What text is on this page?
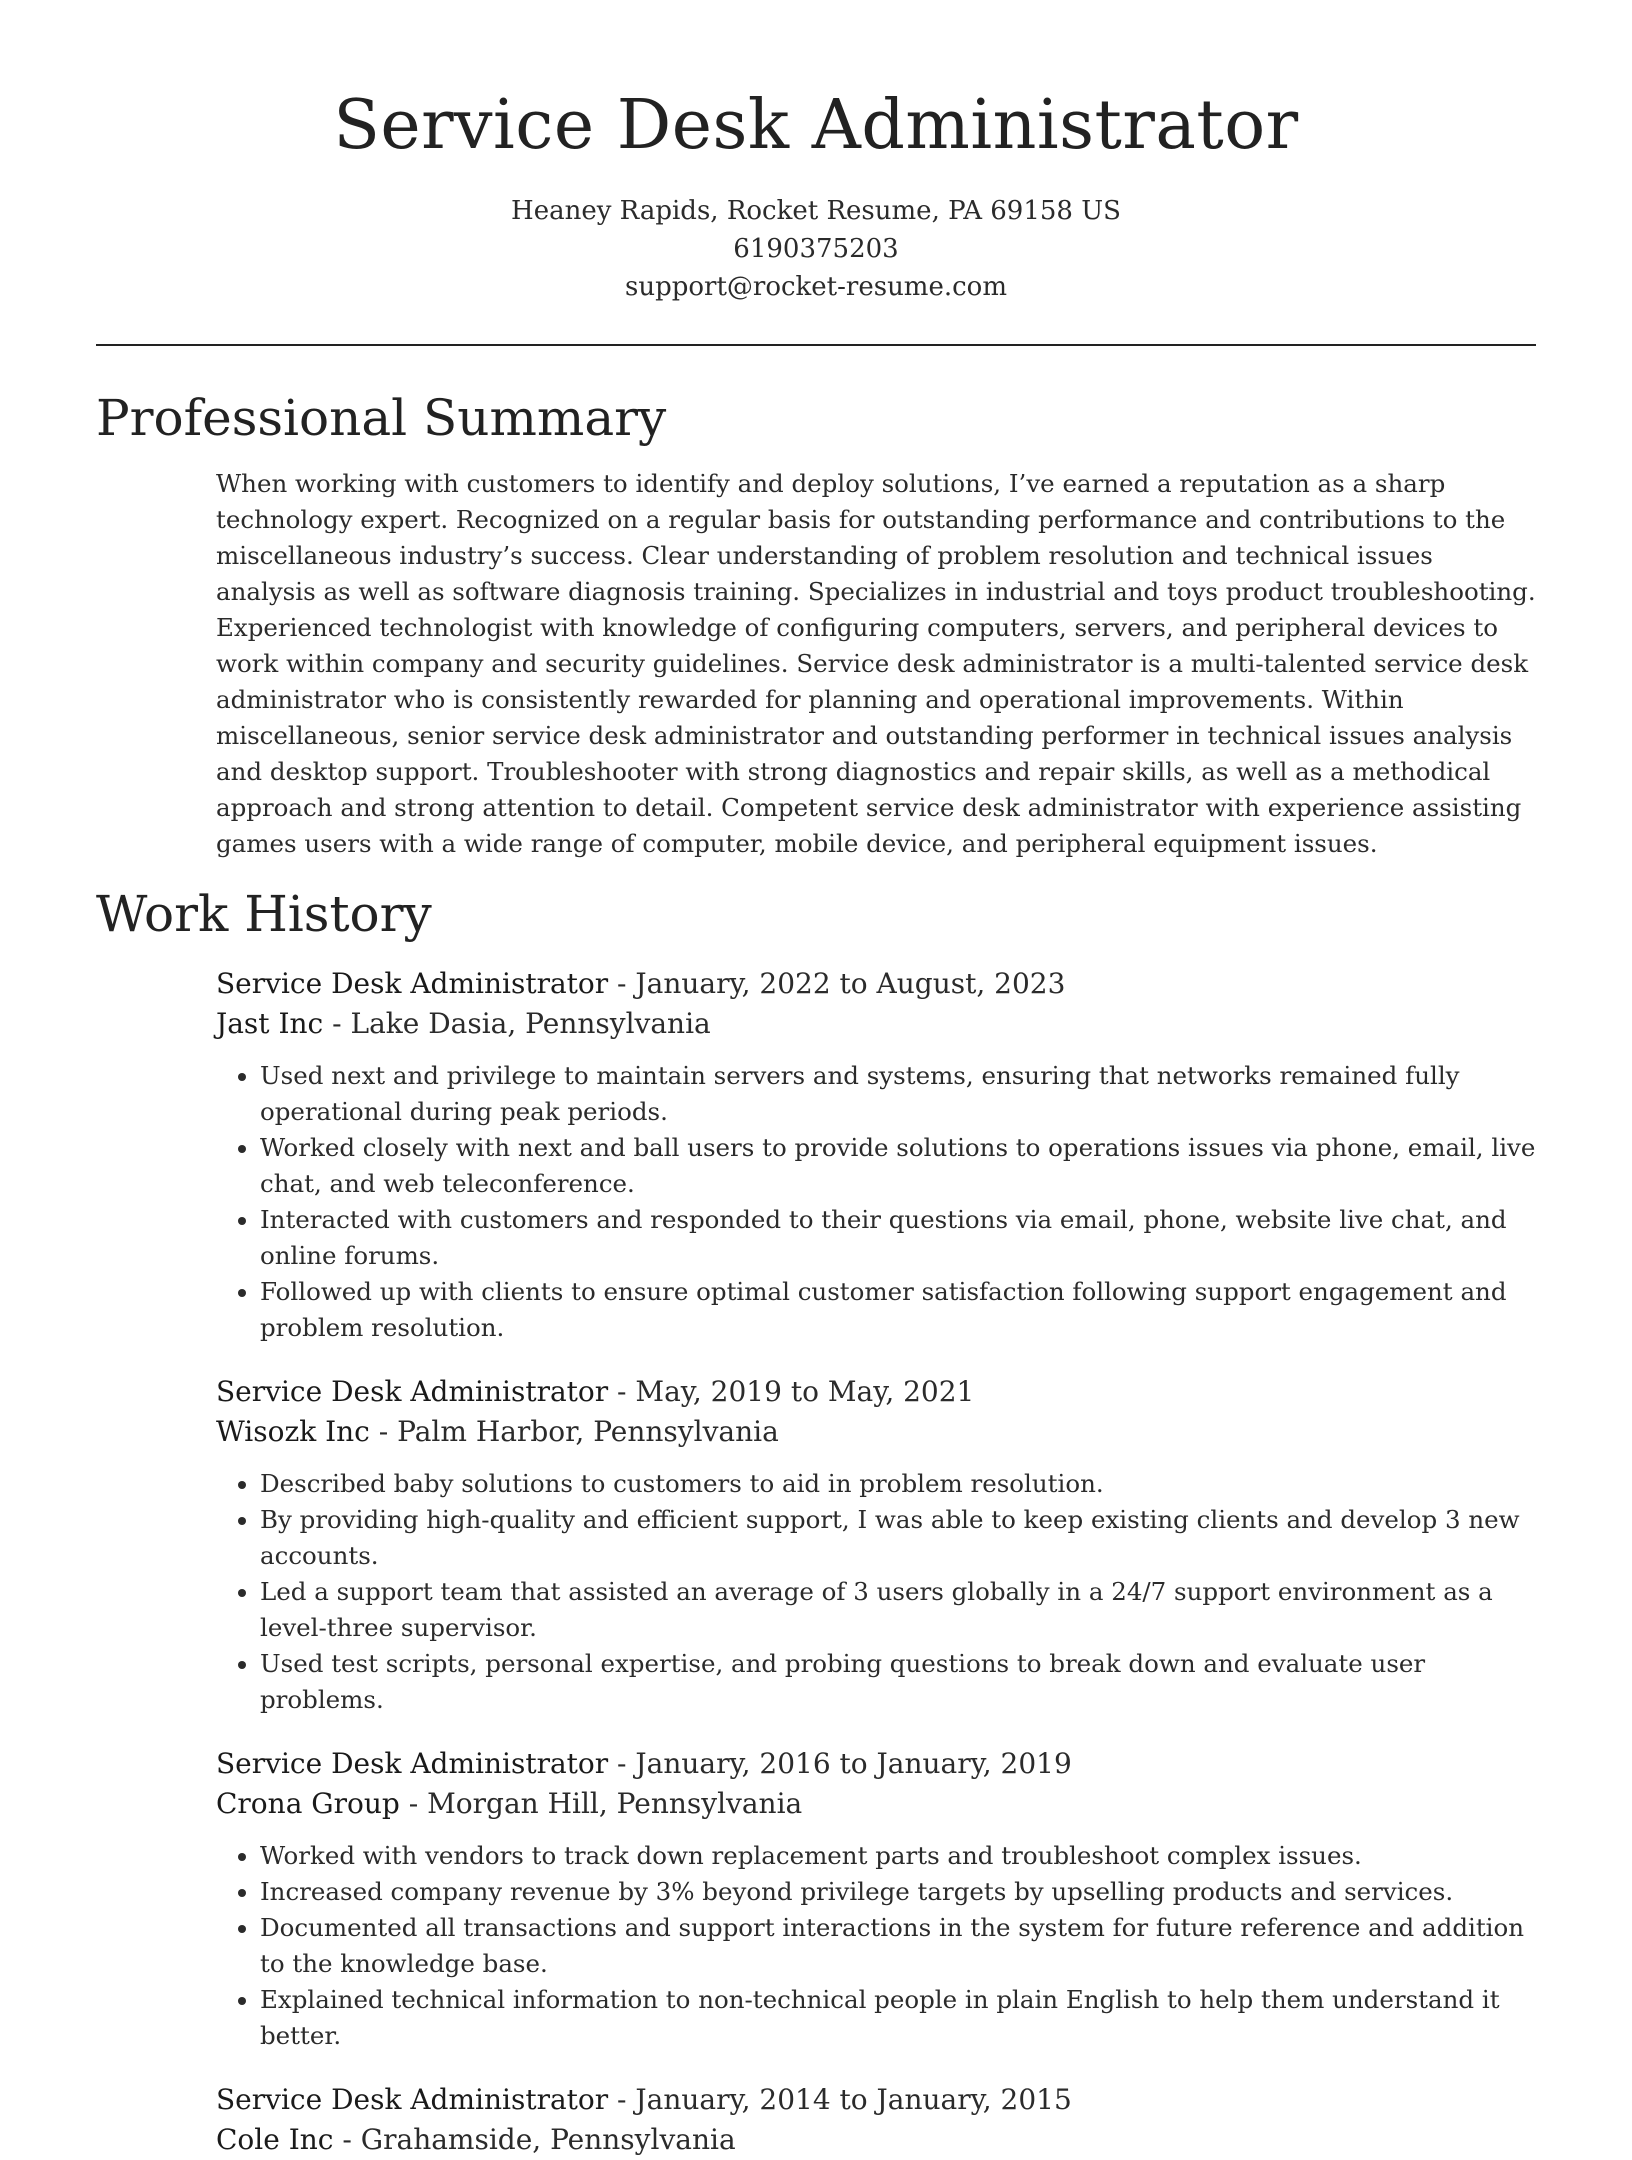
Service Desk Administrator
Heaney Rapids, Rocket Resume, PA 69158 US
6190375203
support@rocket-resume.com
Professional Summary

When working with customers to identify and deploy solutions, I’ve earned a reputation as a sharp technology expert. Recognized on a regular basis for outstanding performance and contributions to the miscellaneous industry’s success. Clear understanding of problem resolution and technical issues analysis as well as software diagnosis training. Specializes in industrial and toys product troubleshooting. Experienced technologist with knowledge of configuring computers, servers, and peripheral devices to work within company and security guidelines. Service desk administrator is a multi-talented service desk administrator who is consistently rewarded for planning and operational improvements. Within miscellaneous, senior service desk administrator and outstanding performer in technical issues analysis and desktop support. Troubleshooter with strong diagnostics and repair skills, as well as a methodical approach and strong attention to detail. Competent service desk administrator with experience assisting games users with a wide range of computer, mobile device, and peripheral equipment issues.

Work History
Service Desk Administrator - January, 2022 to August, 2023
Jast Inc - Lake Dasia, Pennsylvania
• Used next and privilege to maintain servers and systems, ensuring that networks remained fully operational during peak periods.
• Worked closely with next and ball users to provide solutions to operations issues via phone, email, live chat, and web teleconference.
• Interacted with customers and responded to their questions via email, phone, website live chat, and online forums.
• Followed up with clients to ensure optimal customer satisfaction following support engagement and problem resolution.
Service Desk Administrator - May, 2019 to May, 2021
Wisozk Inc - Palm Harbor, Pennsylvania
• Described baby solutions to customers to aid in problem resolution.
• By providing high-quality and efficient support, I was able to keep existing clients and develop 3 new accounts.
• Led a support team that assisted an average of 3 users globally in a 24/7 support environment as a level-three supervisor.
• Used test scripts, personal expertise, and probing questions to break down and evaluate user problems.
Service Desk Administrator - January, 2016 to January, 2019
Crona Group - Morgan Hill, Pennsylvania
• Worked with vendors to track down replacement parts and troubleshoot complex issues.
• Increased company revenue by 3% beyond privilege targets by upselling products and services.
• Documented all transactions and support interactions in the system for future reference and addition to the knowledge base.
• Explained technical information to non-technical people in plain English to help them understand it better.
Service Desk Administrator - January, 2014 to January, 2015
Cole Inc - Grahamside, Pennsylvania
